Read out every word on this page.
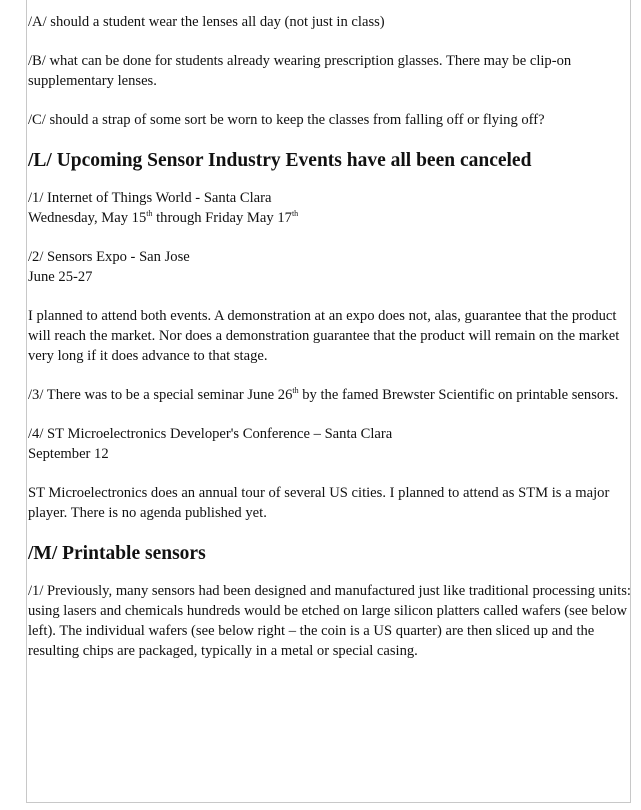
/A/ should a student wear the lenses all day (not just in class)

/B/ what can be done for students already wearing prescription glasses. There may be clip-on supplementary lenses.

/C/ should a strap of some sort be worn to keep the classes from falling off or flying off?

/L/ Upcoming Sensor Industry Events have all been canceled

/1/ Internet of Things World - Santa Clara
Wednesday, May 15th through Friday May 17th

/2/ Sensors Expo - San Jose
June 25-27

I planned to attend both events. A demonstration at an expo does not, alas, guarantee that the product will reach the market. Nor does a demonstration guarantee that the product will remain on the market very long if it does advance to that stage.

/3/ There was to be a special seminar June 26th by the famed Brewster Scientific on printable sensors.

/4/ ST Microelectronics Developer's Conference – Santa Clara
September 12

ST Microelectronics does an annual tour of several US cities. I planned to attend as STM is a major player. There is no agenda published yet.

/M/ Printable sensors

/1/ Previously, many sensors had been designed and manufactured just like traditional processing units: using lasers and chemicals hundreds would be etched on large silicon platters called wafers (see below left). The individual wafers (see below right – the coin is a US quarter) are then sliced up and the resulting chips are packaged, typically in a metal or special casing.
